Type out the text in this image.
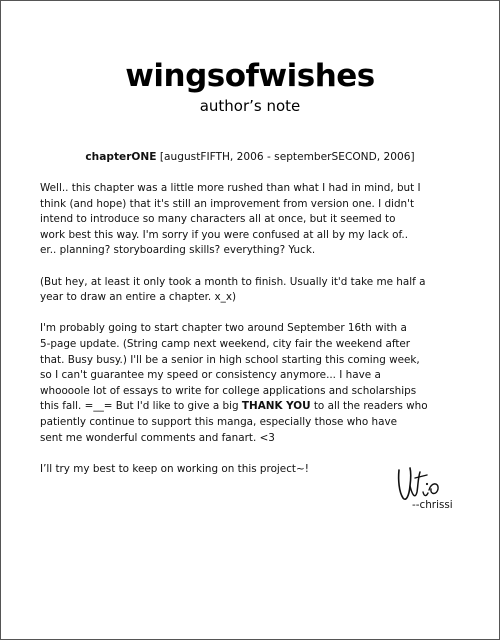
wingsofwishes
author’s note
chapterONE [augustFIFTH, 2006 - septemberSECOND, 2006]

Well.. this chapter was a little more rushed than what I had in mind, but I
think (and hope) that it's still an improvement from version one. I didn't
intend to introduce so many characters all at once, but it seemed to
work best this way. I'm sorry if you were confused at all by my lack of..
er.. planning? storyboarding skills? everything? Yuck.

(But hey, at least it only took a month to finish. Usually it'd take me half a
year to draw an entire a chapter. x_x)

I'm probably going to start chapter two around September 16th with a
5-page update. (String camp next weekend, city fair the weekend after
that. Busy busy.) I'll be a senior in high school starting this coming week,
so I can't guarantee my speed or consistency anymore... I have a
whoooole lot of essays to write for college applications and scholarships
this fall. =__= But I'd like to give a big THANK YOU to all the readers who
patiently continue to support this manga, especially those who have
sent me wonderful comments and fanart. <3

I’ll try my best to keep on working on this project~!

--chrissi
